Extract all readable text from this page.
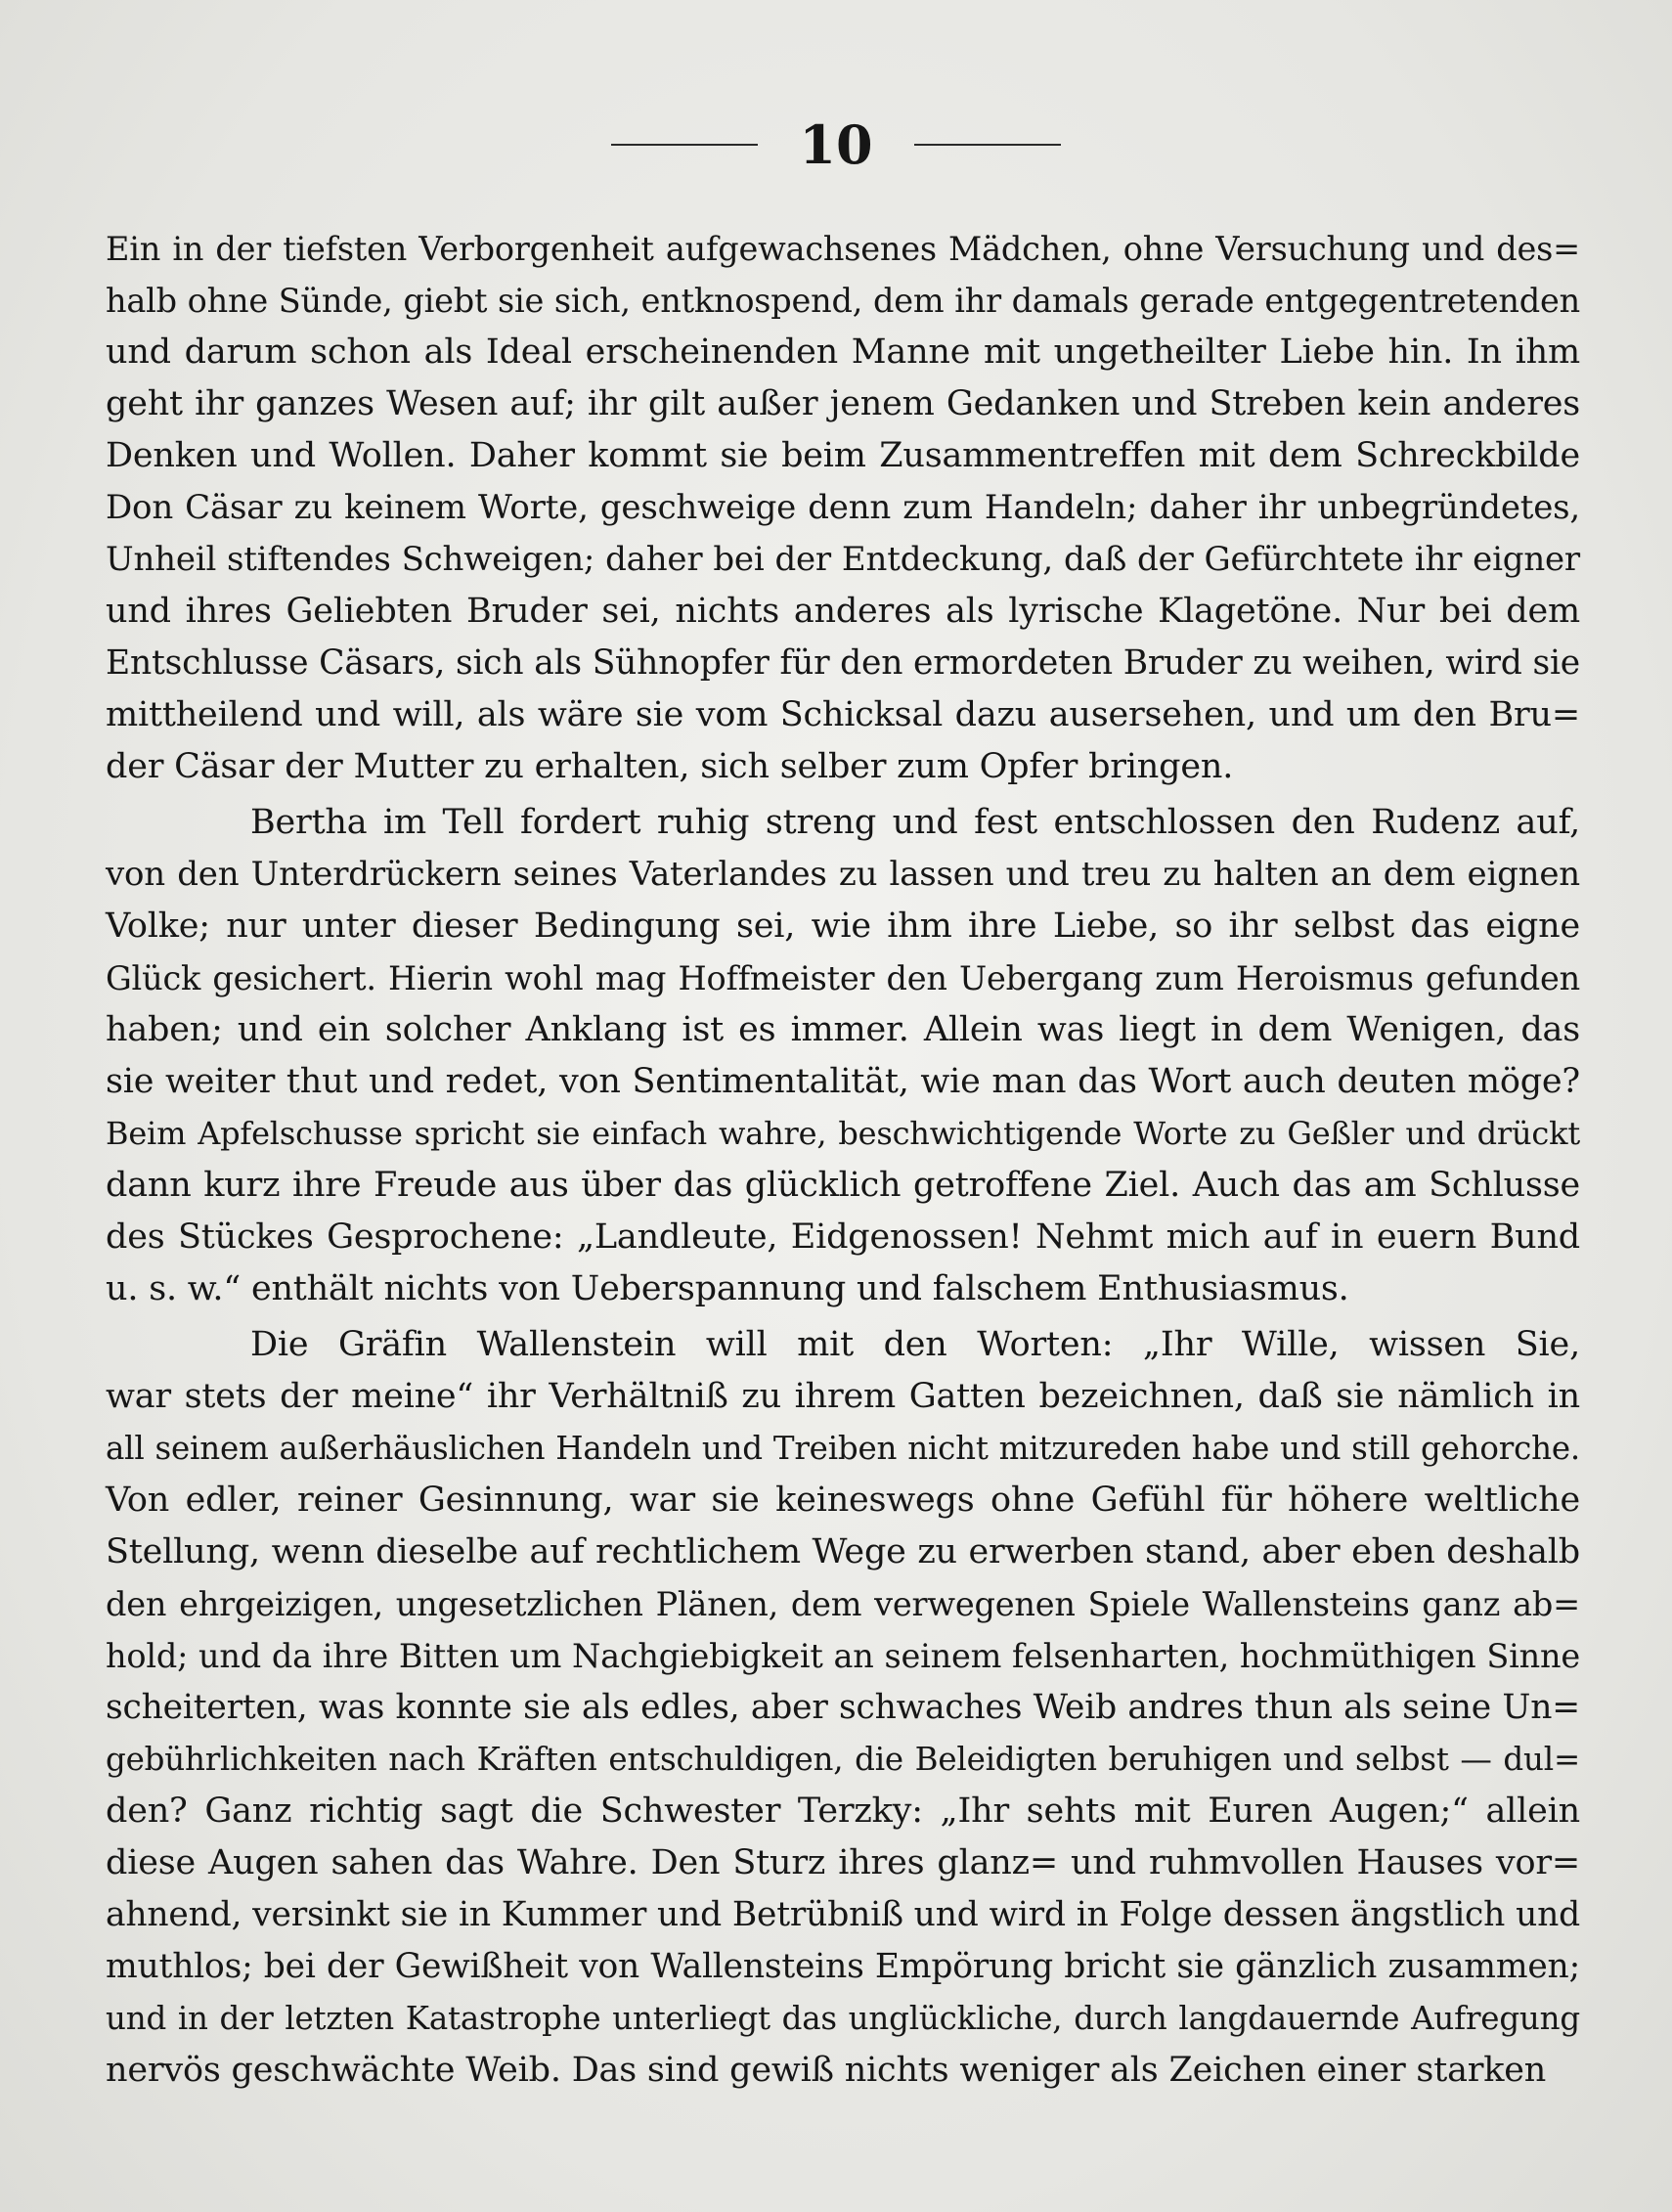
10
Ein in der tiefsten Verborgenheit aufgewachsenes Mädchen, ohne Versuchung und des=
halb ohne Sünde, giebt sie sich, entknospend, dem ihr damals gerade entgegentretenden
und darum schon als Ideal erscheinenden Manne mit ungetheilter Liebe hin. In ihm
geht ihr ganzes Wesen auf; ihr gilt außer jenem Gedanken und Streben kein anderes
Denken und Wollen. Daher kommt sie beim Zusammentreffen mit dem Schreckbilde
Don Cäsar zu keinem Worte, geschweige denn zum Handeln; daher ihr unbegründetes,
Unheil stiftendes Schweigen; daher bei der Entdeckung, daß der Gefürchtete ihr eigner
und ihres Geliebten Bruder sei, nichts anderes als lyrische Klagetöne. Nur bei dem
Entschlusse Cäsars, sich als Sühnopfer für den ermordeten Bruder zu weihen, wird sie
mittheilend und will, als wäre sie vom Schicksal dazu ausersehen, und um den Bru=
der Cäsar der Mutter zu erhalten, sich selber zum Opfer bringen.
Bertha im Tell fordert ruhig streng und fest entschlossen den Rudenz auf,
von den Unterdrückern seines Vaterlandes zu lassen und treu zu halten an dem eignen
Volke; nur unter dieser Bedingung sei, wie ihm ihre Liebe, so ihr selbst das eigne
Glück gesichert. Hierin wohl mag Hoffmeister den Uebergang zum Heroismus gefunden
haben; und ein solcher Anklang ist es immer. Allein was liegt in dem Wenigen, das
sie weiter thut und redet, von Sentimentalität, wie man das Wort auch deuten möge?
Beim Apfelschusse spricht sie einfach wahre, beschwichtigende Worte zu Geßler und drückt
dann kurz ihre Freude aus über das glücklich getroffene Ziel. Auch das am Schlusse
des Stückes Gesprochene: „Landleute, Eidgenossen! Nehmt mich auf in euern Bund
u. s. w.“ enthält nichts von Ueberspannung und falschem Enthusiasmus.
Die Gräfin Wallenstein will mit den Worten: „Ihr Wille, wissen Sie,
war stets der meine“ ihr Verhältniß zu ihrem Gatten bezeichnen, daß sie nämlich in
all seinem außerhäuslichen Handeln und Treiben nicht mitzureden habe und still gehorche.
Von edler, reiner Gesinnung, war sie keineswegs ohne Gefühl für höhere weltliche
Stellung, wenn dieselbe auf rechtlichem Wege zu erwerben stand, aber eben deshalb
den ehrgeizigen, ungesetzlichen Plänen, dem verwegenen Spiele Wallensteins ganz ab=
hold; und da ihre Bitten um Nachgiebigkeit an seinem felsenharten, hochmüthigen Sinne
scheiterten, was konnte sie als edles, aber schwaches Weib andres thun als seine Un=
gebührlichkeiten nach Kräften entschuldigen, die Beleidigten beruhigen und selbst — dul=
den? Ganz richtig sagt die Schwester Terzky: „Ihr sehts mit Euren Augen;“ allein
diese Augen sahen das Wahre. Den Sturz ihres glanz= und ruhmvollen Hauses vor=
ahnend, versinkt sie in Kummer und Betrübniß und wird in Folge dessen ängstlich und
muthlos; bei der Gewißheit von Wallensteins Empörung bricht sie gänzlich zusammen;
und in der letzten Katastrophe unterliegt das unglückliche, durch langdauernde Aufregung
nervös geschwächte Weib. Das sind gewiß nichts weniger als Zeichen einer starken
